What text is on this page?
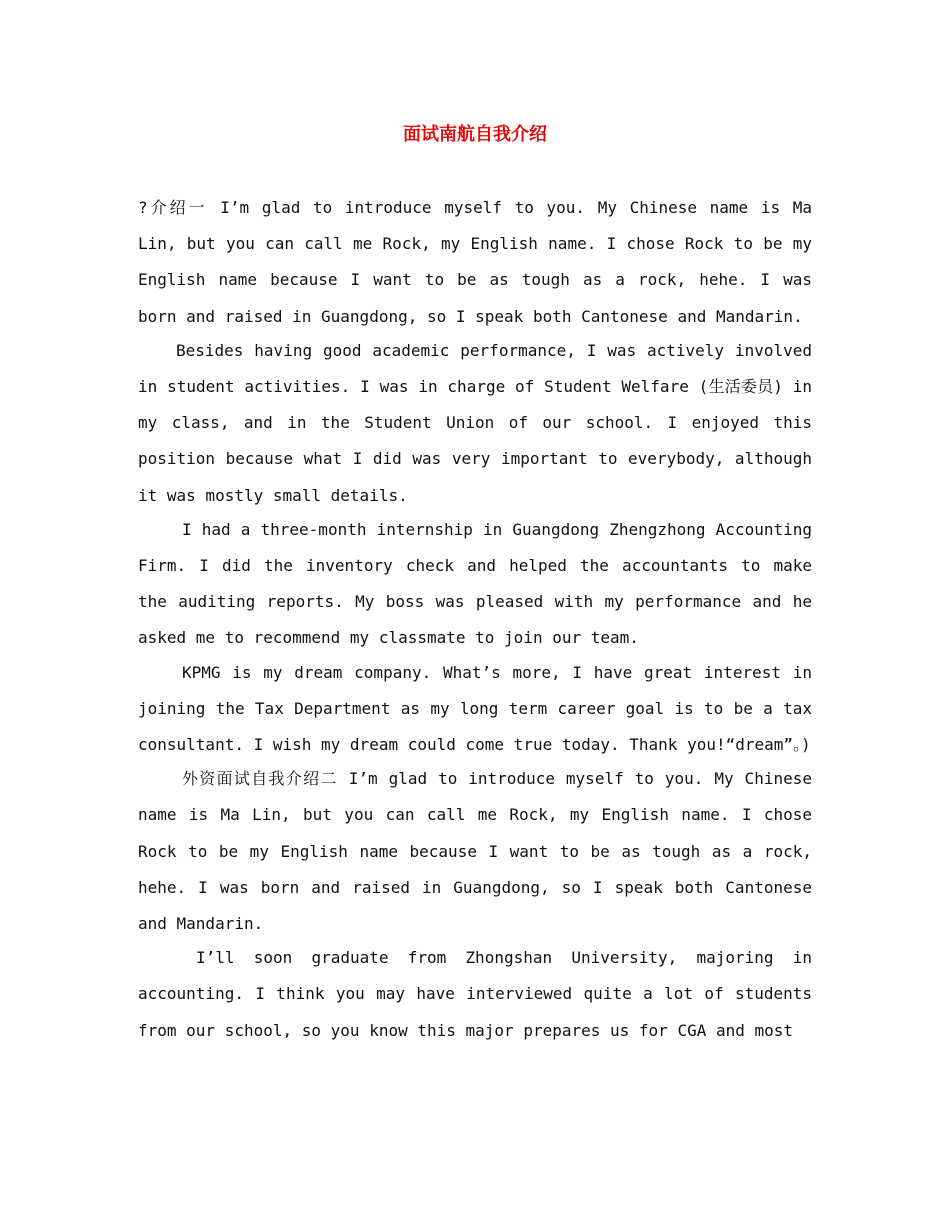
面试南航自我介绍

?介绍一 I’m glad to introduce myself to you. My Chinese name is Ma Lin, but you can call me Rock, my English name. I chose Rock to be my English name because I want to be as tough as a rock, hehe. I was born and raised in Guangdong, so I speak both Cantonese and Mandarin.

Besides having good academic performance, I was actively involved in student activities. I was in charge of Student Welfare (生活委员) in my class, and in the Student Union of our school. I enjoyed this position because what I did was very important to everybody, although it was mostly small details.

I had a three-month internship in Guangdong Zhengzhong Accounting Firm. I did the inventory check and helped the accountants to make the auditing reports. My boss was pleased with my performance and he asked me to recommend my classmate to join our team.

KPMG is my dream company. What’s more, I have great interest in joining the Tax Department as my long term career goal is to be a tax consultant. I wish my dream could come true today. Thank you!“dream”。)

外资面试自我介绍二 I’m glad to introduce myself to you. My Chinese name is Ma Lin, but you can call me Rock, my English name. I chose Rock to be my English name because I want to be as tough as a rock, hehe. I was born and raised in Guangdong, so I speak both Cantonese and Mandarin.

I’ll soon graduate from Zhongshan University, majoring in accounting. I think you may have interviewed quite a lot of students from our school, so you know this major prepares us for CGA and most
